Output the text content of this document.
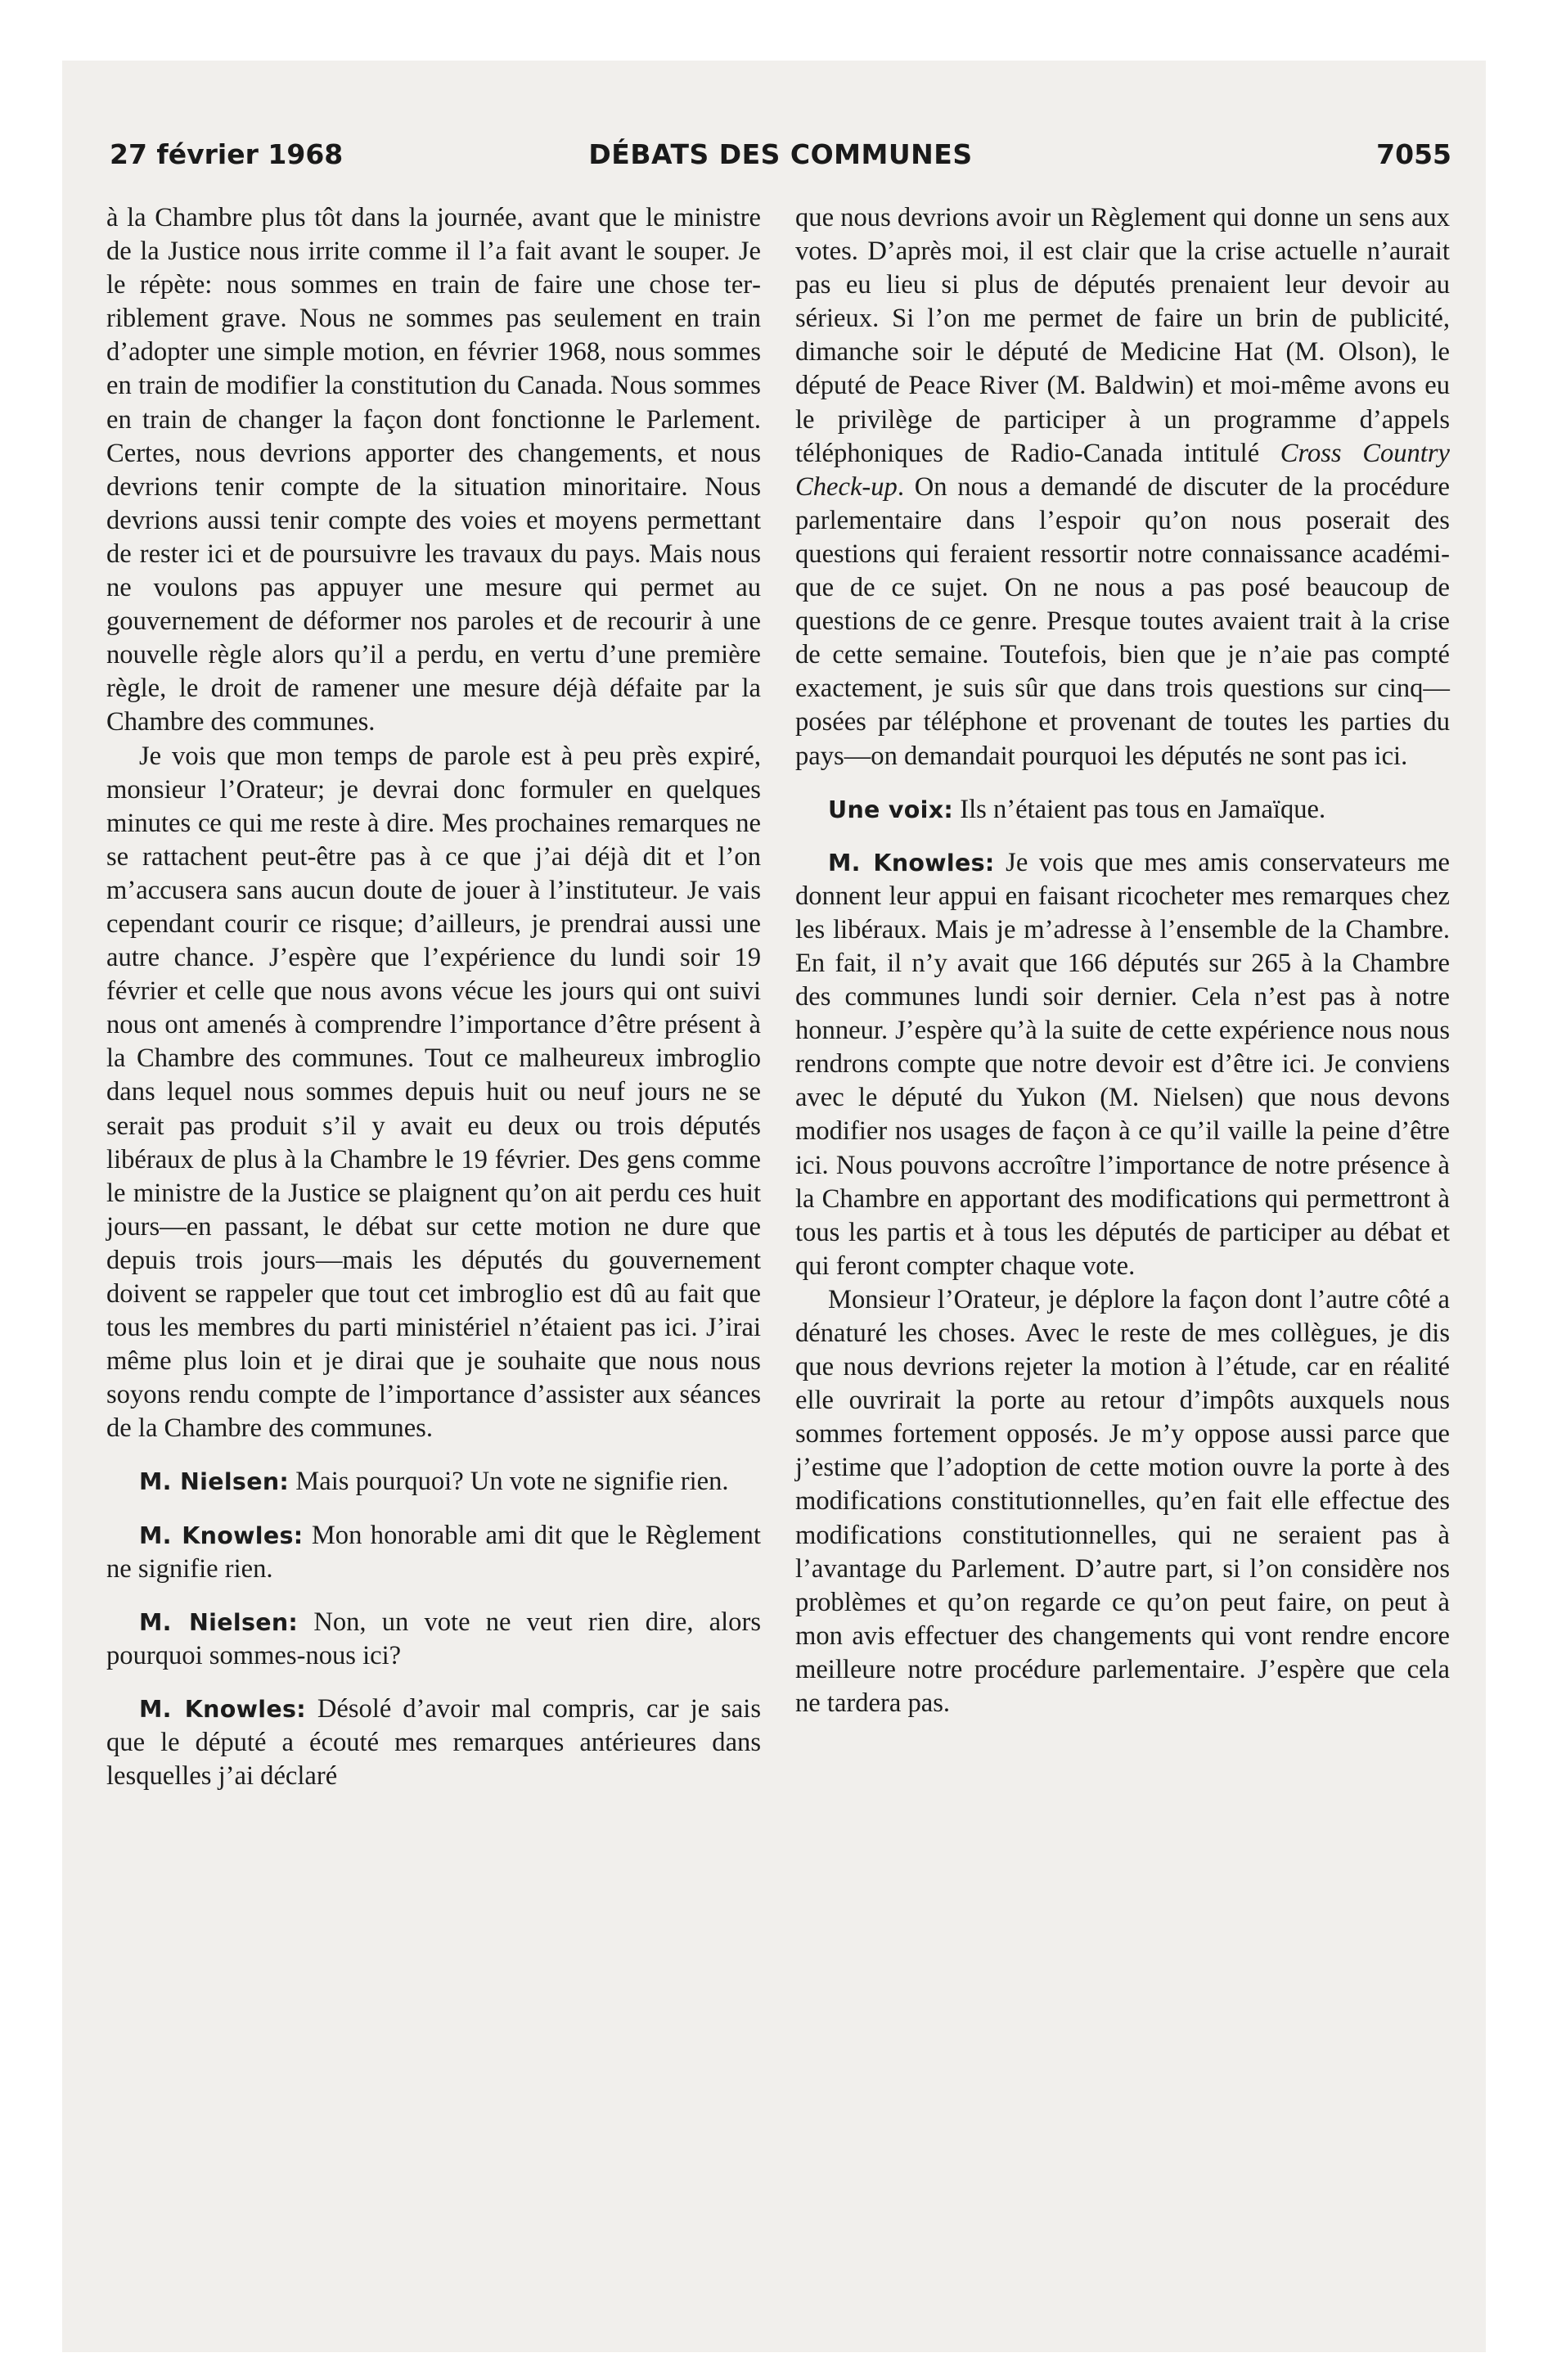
27 février 1968	DÉBATS DES COMMUNES	7055

à la Chambre plus tôt dans la journée, avant que le ministre de la Justice nous irrite comme il l’a fait avant le souper. Je le répète: nous sommes en train de faire une chose terriblement grave. Nous ne sommes pas seulement en train d’adopter une simple motion, en février 1968, nous sommes en train de modifier la constitution du Canada. Nous sommes en train de changer la façon dont fonctionne le Parlement. Certes, nous devrions apporter des changements, et nous devrions tenir compte de la situation minoritaire. Nous devrions aussi tenir compte des voies et moyens permettant de rester ici et de poursuivre les travaux du pays. Mais nous ne voulons pas appuyer une mesure qui permet au gouvernement de déformer nos paroles et de recourir à une nouvelle règle alors qu’il a perdu, en vertu d’une première règle, le droit de ramener une mesure déjà défaite par la Chambre des communes.

Je vois que mon temps de parole est à peu près expiré, monsieur l’Orateur; je devrai donc formuler en quelques minutes ce qui me reste à dire. Mes prochaines remarques ne se rattachent peut-être pas à ce que j’ai déjà dit et l’on m’accusera sans aucun doute de jouer à l’instituteur. Je vais cependant courir ce risque; d’ailleurs, je prendrai aussi une autre chance. J’espère que l’expérience du lundi soir 19 février et celle que nous avons vécue les jours qui ont suivi nous ont amenés à comprendre l’importance d’être présent à la Chambre des communes. Tout ce malheureux imbroglio dans lequel nous sommes depuis huit ou neuf jours ne se serait pas produit s’il y avait eu deux ou trois députés libéraux de plus à la Chambre le 19 février. Des gens comme le ministre de la Justice se plaignent qu’on ait perdu ces huit jours—en passant, le débat sur cette motion ne dure que depuis trois jours—mais les députés du gouvernement doivent se rappeler que tout cet imbroglio est dû au fait que tous les membres du parti ministériel n’étaient pas ici. J’irai même plus loin et je dirai que je souhaite que nous nous soyons rendu compte de l’importance d’assister aux séances de la Chambre des communes.

M. Nielsen: Mais pourquoi? Un vote ne signifie rien.

M. Knowles: Mon honorable ami dit que le Règlement ne signifie rien.

M. Nielsen: Non, un vote ne veut rien dire, alors pourquoi sommes-nous ici?

M. Knowles: Désolé d’avoir mal compris, car je sais que le député a écouté mes remarques antérieures dans lesquelles j’ai déclaré

que nous devrions avoir un Règlement qui donne un sens aux votes. D’après moi, il est clair que la crise actuelle n’aurait pas eu lieu si plus de députés prenaient leur devoir au sérieux. Si l’on me permet de faire un brin de publicité, dimanche soir le député de Medicine Hat (M. Olson), le député de Peace River (M. Baldwin) et moi-même avons eu le privilège de participer à un programme d’appels téléphoniques de Radio-Canada intitulé Cross Country Check-up. On nous a demandé de discuter de la procédure parlementaire dans l’espoir qu’on nous poserait des questions qui feraient ressortir notre connaissance académique de ce sujet. On ne nous a pas posé beaucoup de questions de ce genre. Presque toutes avaient trait à la crise de cette semaine. Toutefois, bien que je n’aie pas compté exactement, je suis sûr que dans trois questions sur cinq—posées par téléphone et provenant de toutes les parties du pays—on demandait pourquoi les députés ne sont pas ici.

Une voix: Ils n’étaient pas tous en Jamaïque.

M. Knowles: Je vois que mes amis conservateurs me donnent leur appui en faisant ricocheter mes remarques chez les libéraux. Mais je m’adresse à l’ensemble de la Chambre. En fait, il n’y avait que 166 députés sur 265 à la Chambre des communes lundi soir dernier. Cela n’est pas à notre honneur. J’espère qu’à la suite de cette expérience nous nous rendrons compte que notre devoir est d’être ici. Je conviens avec le député du Yukon (M. Nielsen) que nous devons modifier nos usages de façon à ce qu’il vaille la peine d’être ici. Nous pouvons accroître l’importance de notre présence à la Chambre en apportant des modifications qui permettront à tous les partis et à tous les députés de participer au débat et qui feront compter chaque vote.

Monsieur l’Orateur, je déplore la façon dont l’autre côté a dénaturé les choses. Avec le reste de mes collègues, je dis que nous devrions rejeter la motion à l’étude, car en réalité elle ouvrirait la porte au retour d’impôts auxquels nous sommes fortement opposés. Je m’y oppose aussi parce que j’estime que l’adoption de cette motion ouvre la porte à des modifications constitutionnelles, qu’en fait elle effectue des modifications constitutionnelles, qui ne seraient pas à l’avantage du Parlement. D’autre part, si l’on considère nos problèmes et qu’on regarde ce qu’on peut faire, on peut à mon avis effectuer des changements qui vont rendre encore meilleure notre procédure parlementaire. J’espère que cela ne tardera pas.
